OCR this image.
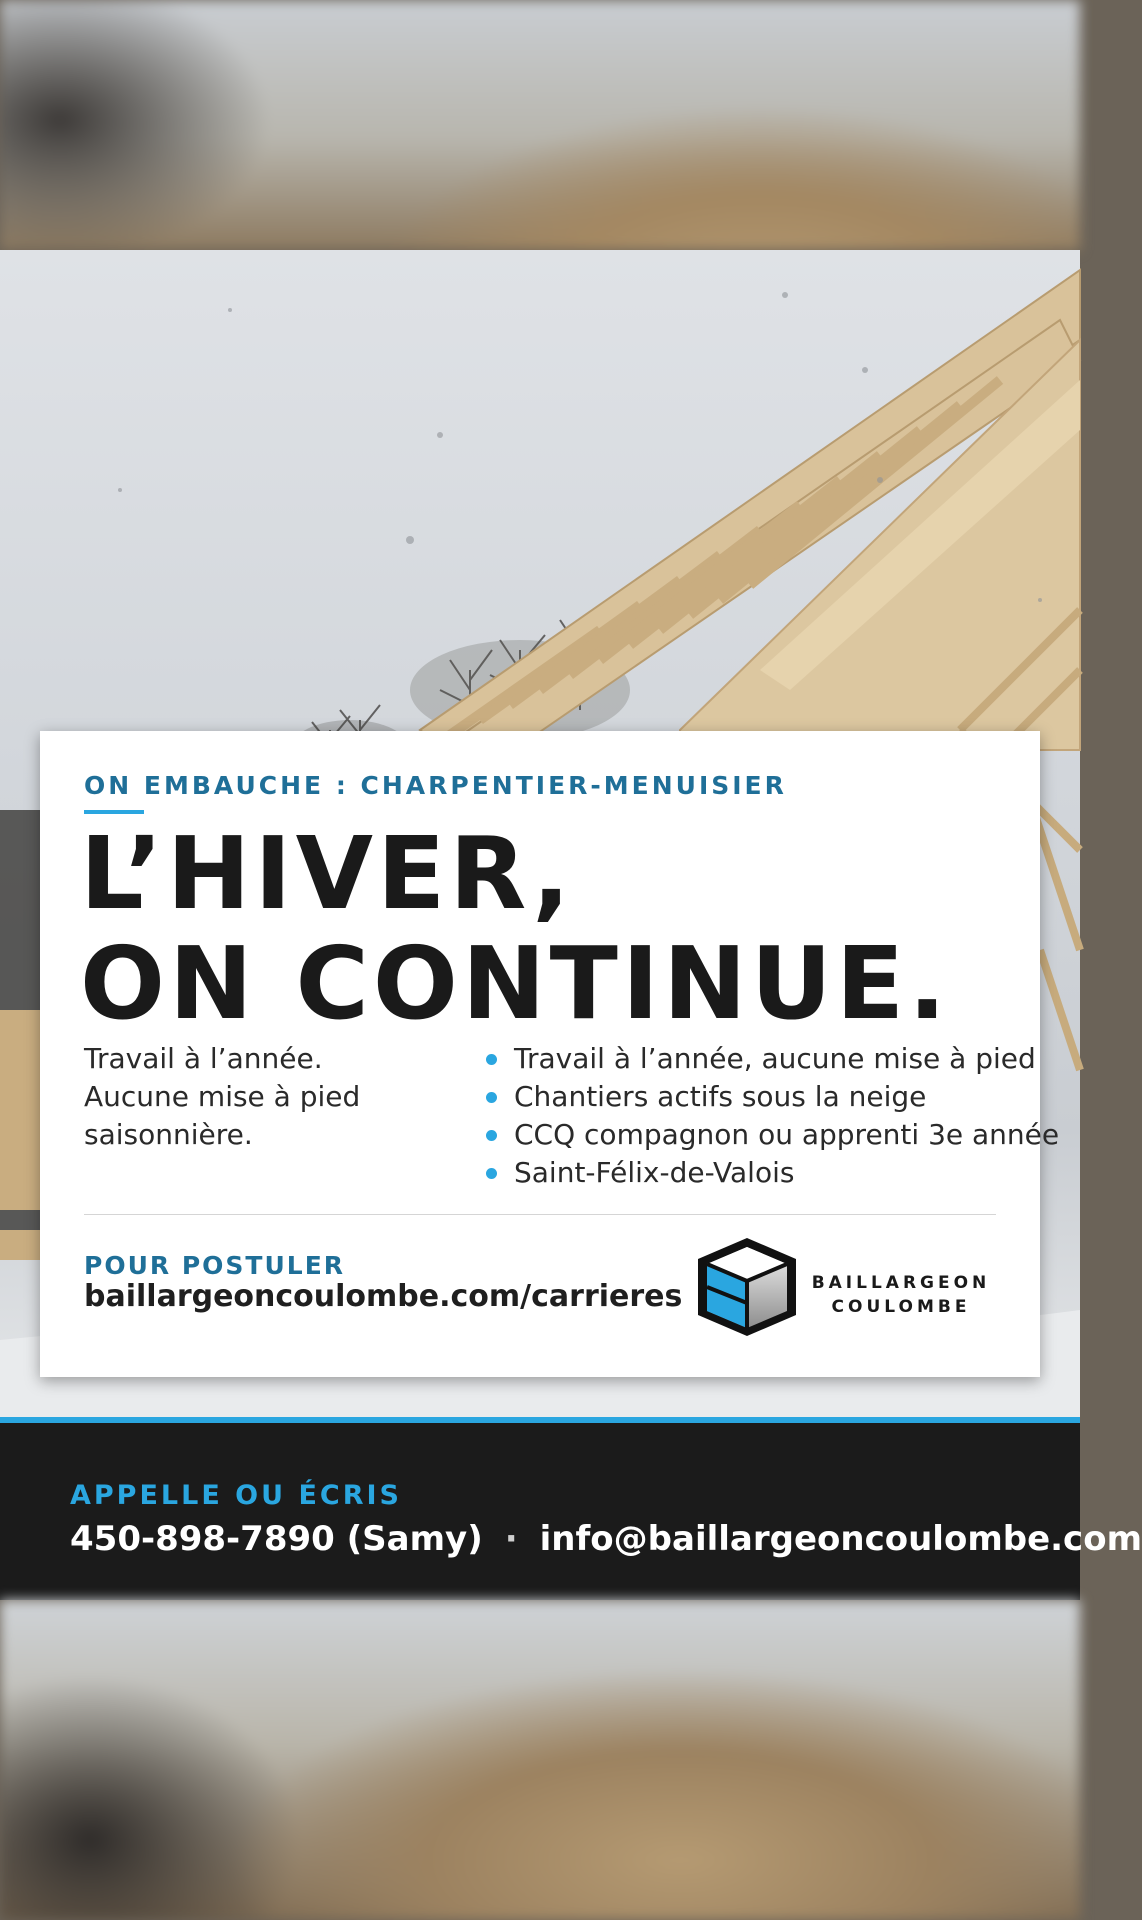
ON EMBAUCHE : CHARPENTIER-MENUISIER

L’HIVER,
ON CONTINUE.
Travail à l’année.
Aucune mise à pied
saisonnière.
Travail à l’année, aucune mise à pied
Chantiers actifs sous la neige
CCQ compagnon ou apprenti 3e année
Saint-Félix-de-Valois

POUR POSTULER

baillargeoncoulombe.com/carrieres	BAILLARGEON
COULOMBE

APPELLE OU ÉCRIS

450-898-7890 (Samy) · info@baillargeoncoulombe.com
